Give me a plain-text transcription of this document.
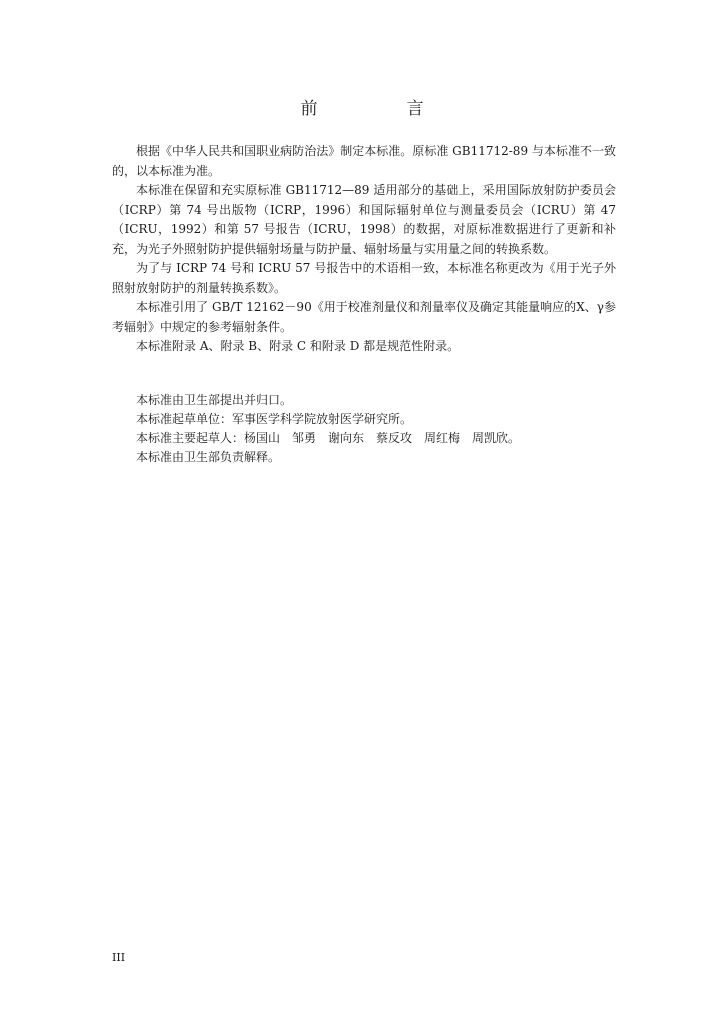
前　言

根据《中华人民共和国职业病防治法》制定本标准。原标准 GB11712-89 与本标准不一致的，以本标准为准。

本标准在保留和充实原标准 GB11712—89 适用部分的基础上，采用国际放射防护委员会（ICRP）第 74 号出版物（ICRP，1996）和国际辐射单位与测量委员会（ICRU）第 47（ICRU，1992）和第 57 号报告（ICRU，1998）的数据，对原标准数据进行了更新和补充，为光子外照射防护提供辐射场量与防护量、辐射场量与实用量之间的转换系数。

为了与 ICRP 74 号和 ICRU 57 号报告中的术语相一致，本标准名称更改为《用于光子外照射放射防护的剂量转换系数》。

本标准引用了 GB/T 12162－90《用于校准剂量仪和剂量率仪及确定其能量响应的X、γ参考辐射》中规定的参考辐射条件。

本标准附录 A、附录 B、附录 C 和附录 D 都是规范性附录。

本标准由卫生部提出并归口。

本标准起草单位：军事医学科学院放射医学研究所。

本标准主要起草人：杨国山　邹勇　谢向东　蔡反攻　周红梅　周凯欣。

本标准由卫生部负责解释。

III
